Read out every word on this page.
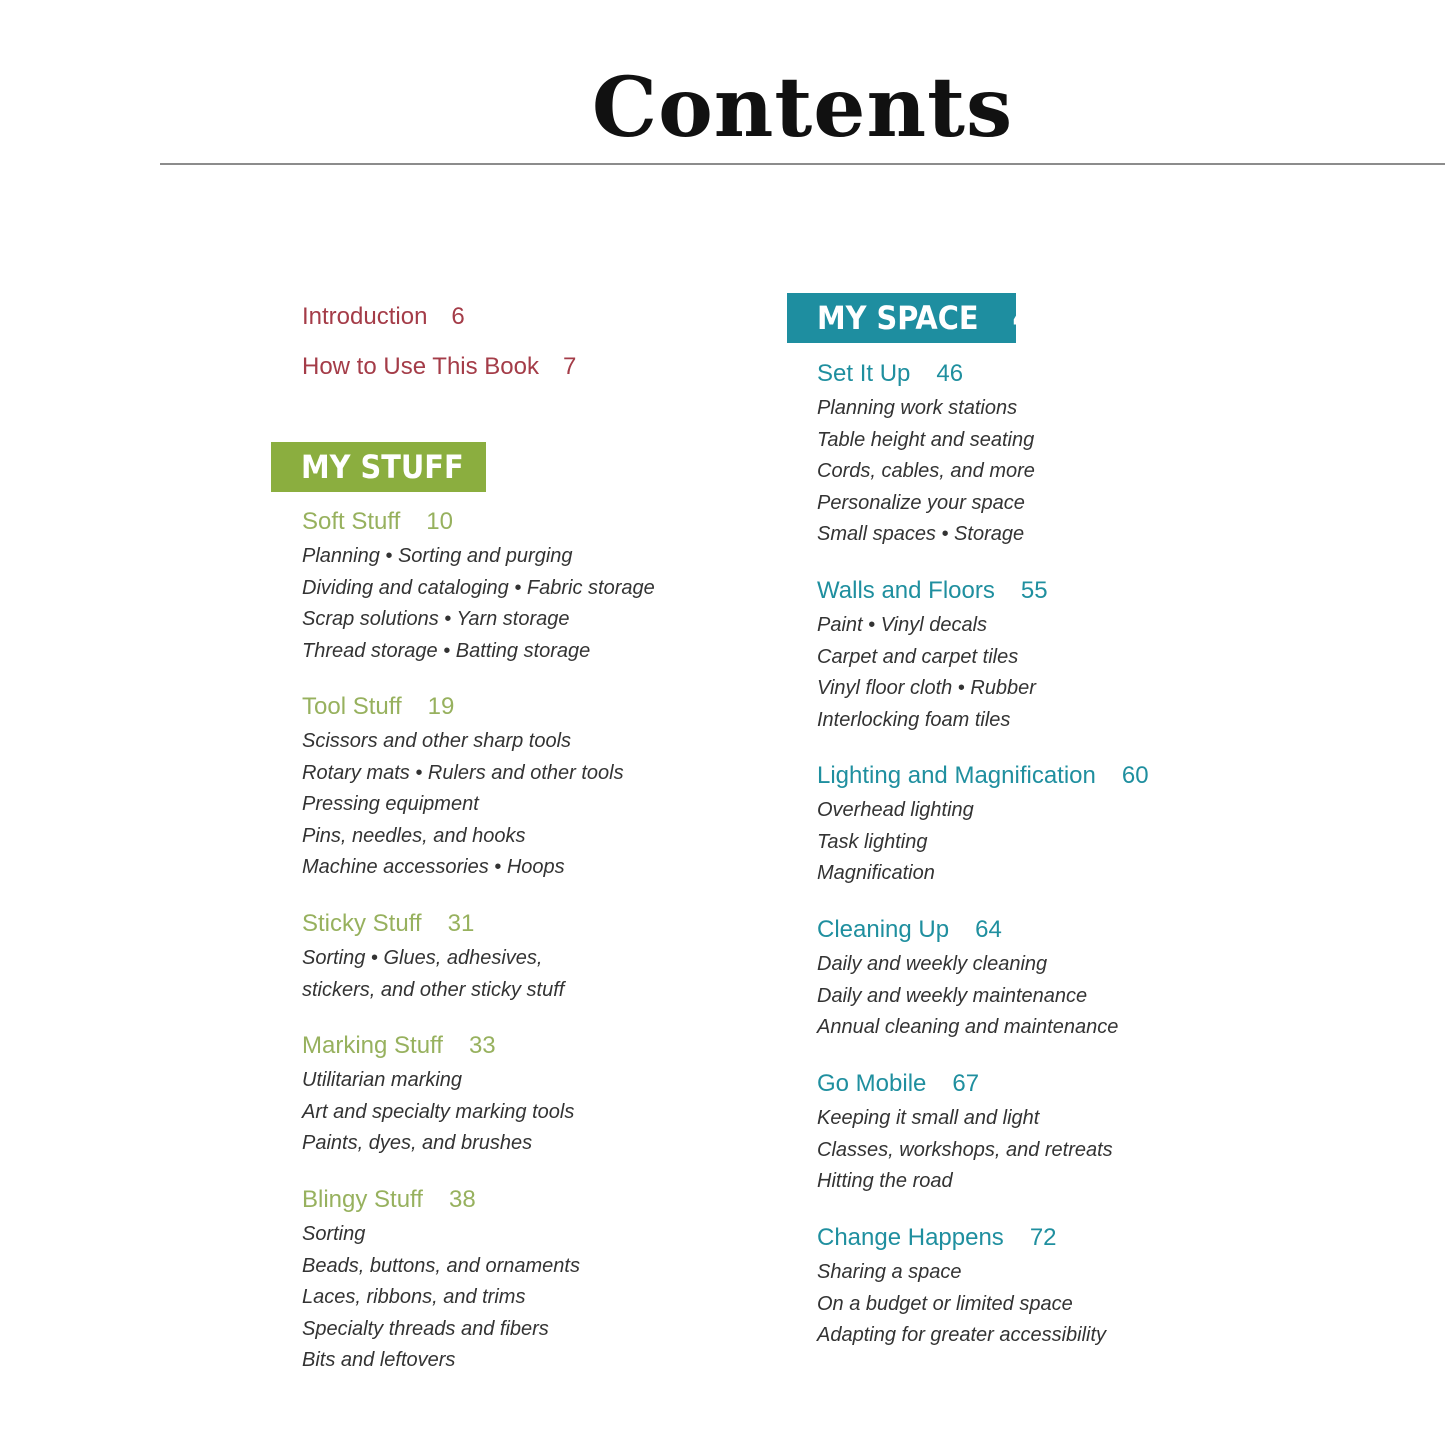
Contents
Introduction 6
How to Use This Book 7
MY STUFF 9
MY SPACE 45
Soft Stuff 10
Planning • Sorting and purging
Dividing and cataloging • Fabric storage
Scrap solutions • Yarn storage
Thread storage • Batting storage
Tool Stuff 19
Scissors and other sharp tools
Rotary mats • Rulers and other tools
Pressing equipment
Pins, needles, and hooks
Machine accessories • Hoops
Sticky Stuff 31
Sorting • Glues, adhesives,
stickers, and other sticky stuff
Marking Stuff 33
Utilitarian marking
Art and specialty marking tools
Paints, dyes, and brushes
Blingy Stuff 38
Sorting
Beads, buttons, and ornaments
Laces, ribbons, and trims
Specialty threads and fibers
Bits and leftovers
Set It Up 46
Planning work stations
Table height and seating
Cords, cables, and more
Personalize your space
Small spaces • Storage
Walls and Floors 55
Paint • Vinyl decals
Carpet and carpet tiles
Vinyl floor cloth • Rubber
Interlocking foam tiles
Lighting and Magnification 60
Overhead lighting
Task lighting
Magnification
Cleaning Up 64
Daily and weekly cleaning
Daily and weekly maintenance
Annual cleaning and maintenance
Go Mobile 67
Keeping it small and light
Classes, workshops, and retreats
Hitting the road
Change Happens 72
Sharing a space
On a budget or limited space
Adapting for greater accessibility
